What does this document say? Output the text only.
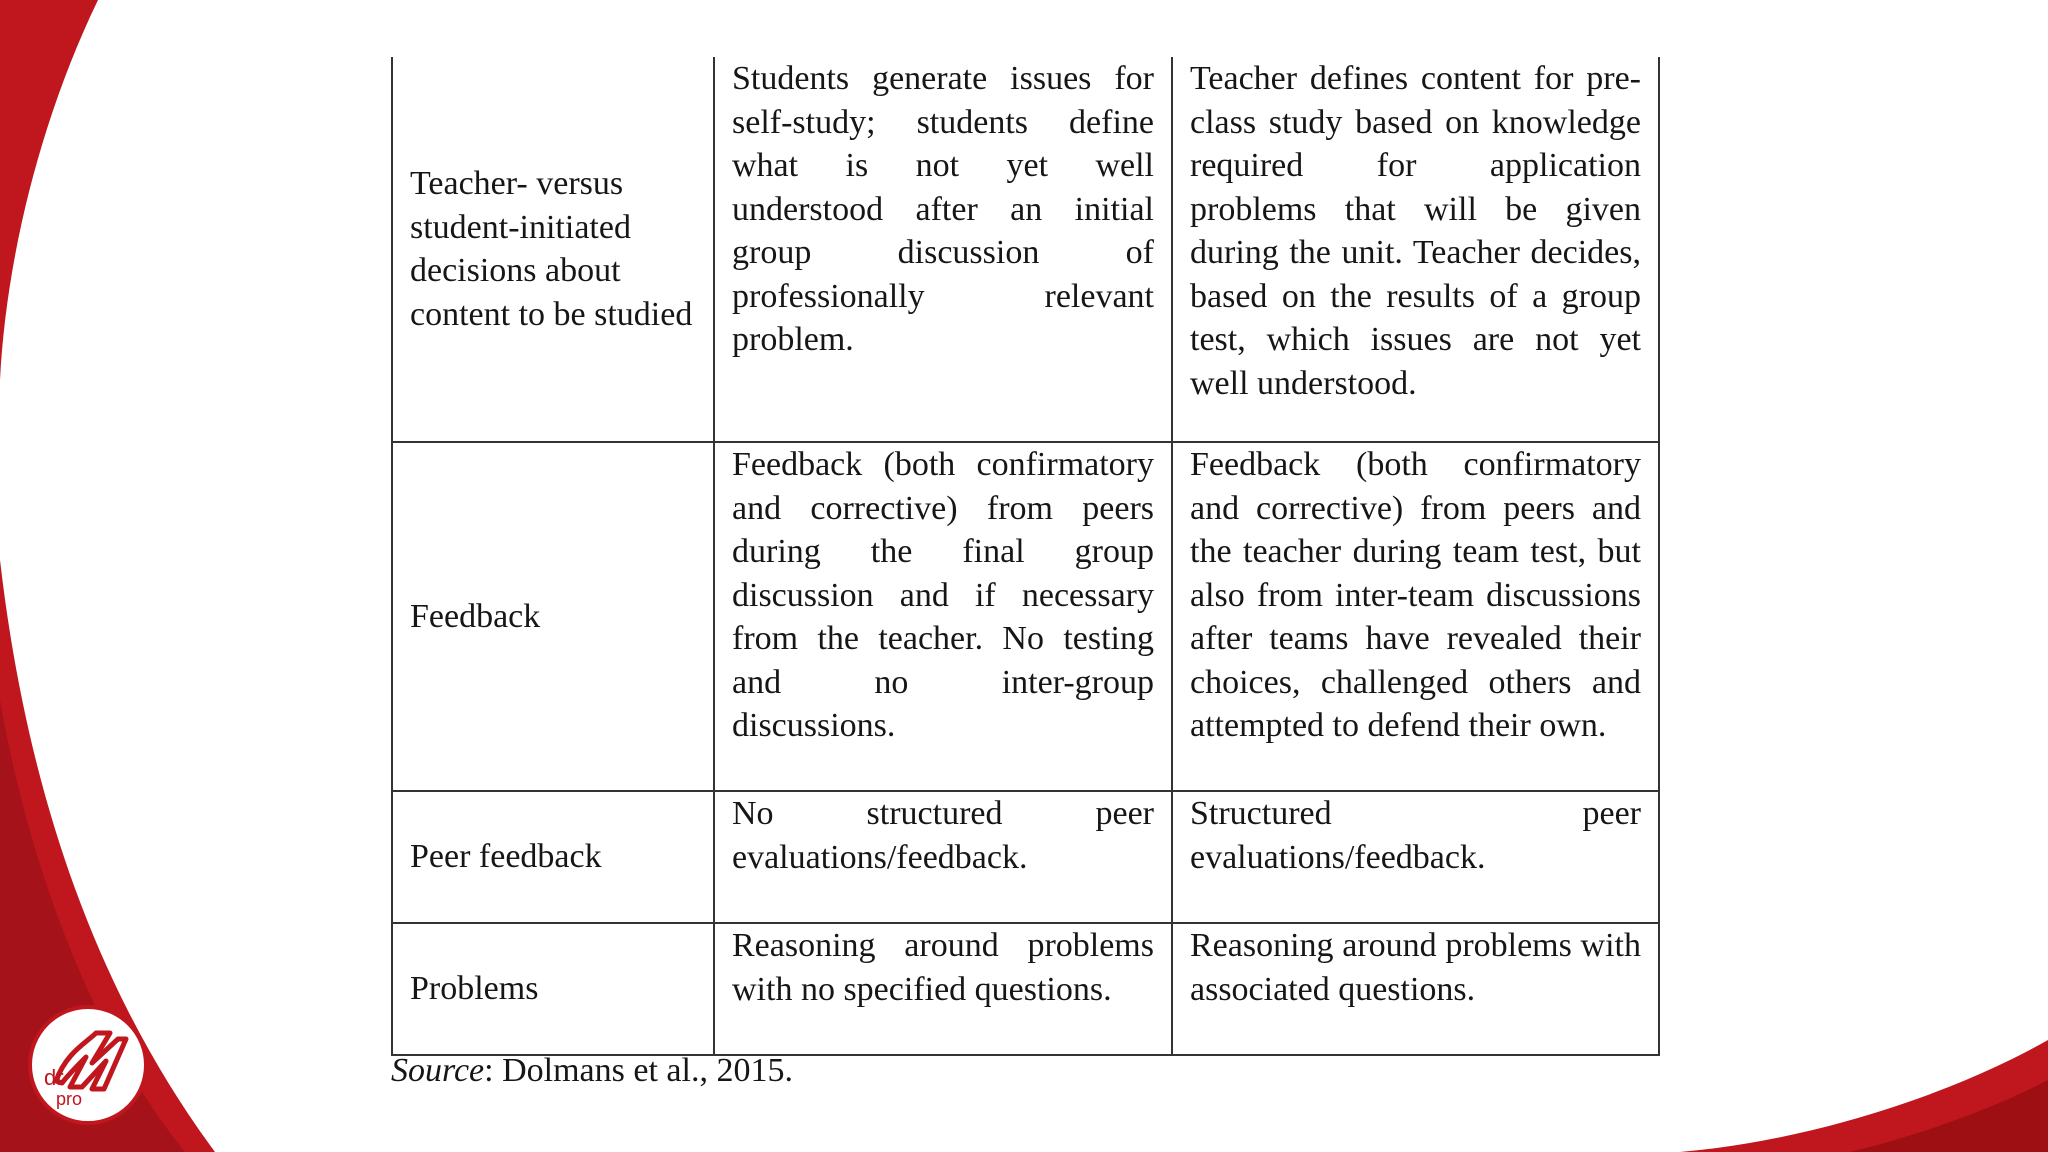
Teacher- versus student-initiated decisions about content to be studied	Students generate issues for self-study; students define what is not yet well understood after an initial group discussion of professionally relevant problem.	Teacher defines content for pre-class study based on knowledge required for application problems that will be given during the unit. Teacher decides, based on the results of a group test, which issues are not yet well understood.
Feedback	Feedback (both confirmatory and corrective) from peers during the final group discussion and if necessary from the teacher. No testing and no inter-group discussions.	Feedback (both confirmatory and corrective) from peers and the teacher during team test, but also from inter-team discussions after teams have revealed their choices, challenged others and attempted to defend their own.
Peer feedback	No structured peer evaluations/feedback.	Structured peer evaluations/feedback.
Problems	Reasoning around problems with no specified questions.	Reasoning around problems with associated questions.
Source: Dolmans et al., 2015.
dr
pro
